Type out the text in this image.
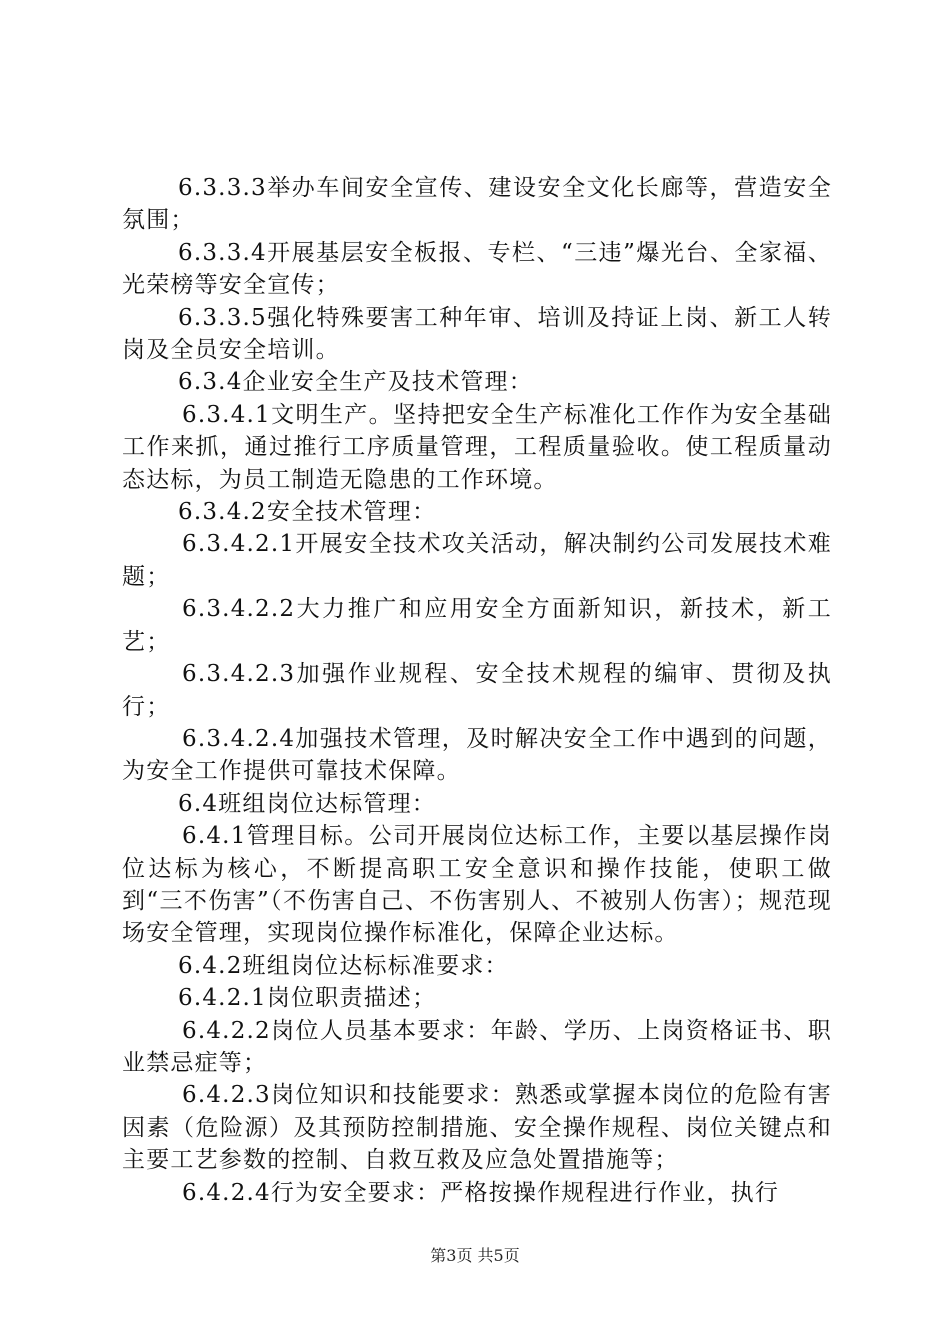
6.3.3.3举办车间安全宣传、建设安全文化长廊等，营造安全氛围；

6.3.3.4开展基层安全板报、专栏、“三违”爆光台、全家福、光荣榜等安全宣传；

6.3.3.5强化特殊要害工种年审、培训及持证上岗、新工人转岗及全员安全培训。

6.3.4企业安全生产及技术管理：

6.3.4.1文明生产。坚持把安全生产标准化工作作为安全基础工作来抓，通过推行工序质量管理，工程质量验收。使工程质量动态达标，为员工制造无隐患的工作环境。

6.3.4.2安全技术管理：

6.3.4.2.1开展安全技术攻关活动，解决制约公司发展技术难题；

6.3.4.2.2大力推广和应用安全方面新知识，新技术，新工艺；

6.3.4.2.3加强作业规程、安全技术规程的编审、贯彻及执行；

6.3.4.2.4加强技术管理，及时解决安全工作中遇到的问题，为安全工作提供可靠技术保障。

6.4班组岗位达标管理：

6.4.1管理目标。公司开展岗位达标工作，主要以基层操作岗位达标为核心，不断提高职工安全意识和操作技能，使职工做到“三不伤害”（不伤害自己、不伤害别人、不被别人伤害）；规范现场安全管理，实现岗位操作标准化，保障企业达标。

6.4.2班组岗位达标标准要求：

6.4.2.1岗位职责描述；

6.4.2.2岗位人员基本要求：年龄、学历、上岗资格证书、职业禁忌症等；

6.4.2.3岗位知识和技能要求：熟悉或掌握本岗位的危险有害因素（危险源）及其预防控制措施、安全操作规程、岗位关键点和主要工艺参数的控制、自救互救及应急处置措施等；

6.4.2.4行为安全要求：严格按操作规程进行作业，执行

第3页 共5页
